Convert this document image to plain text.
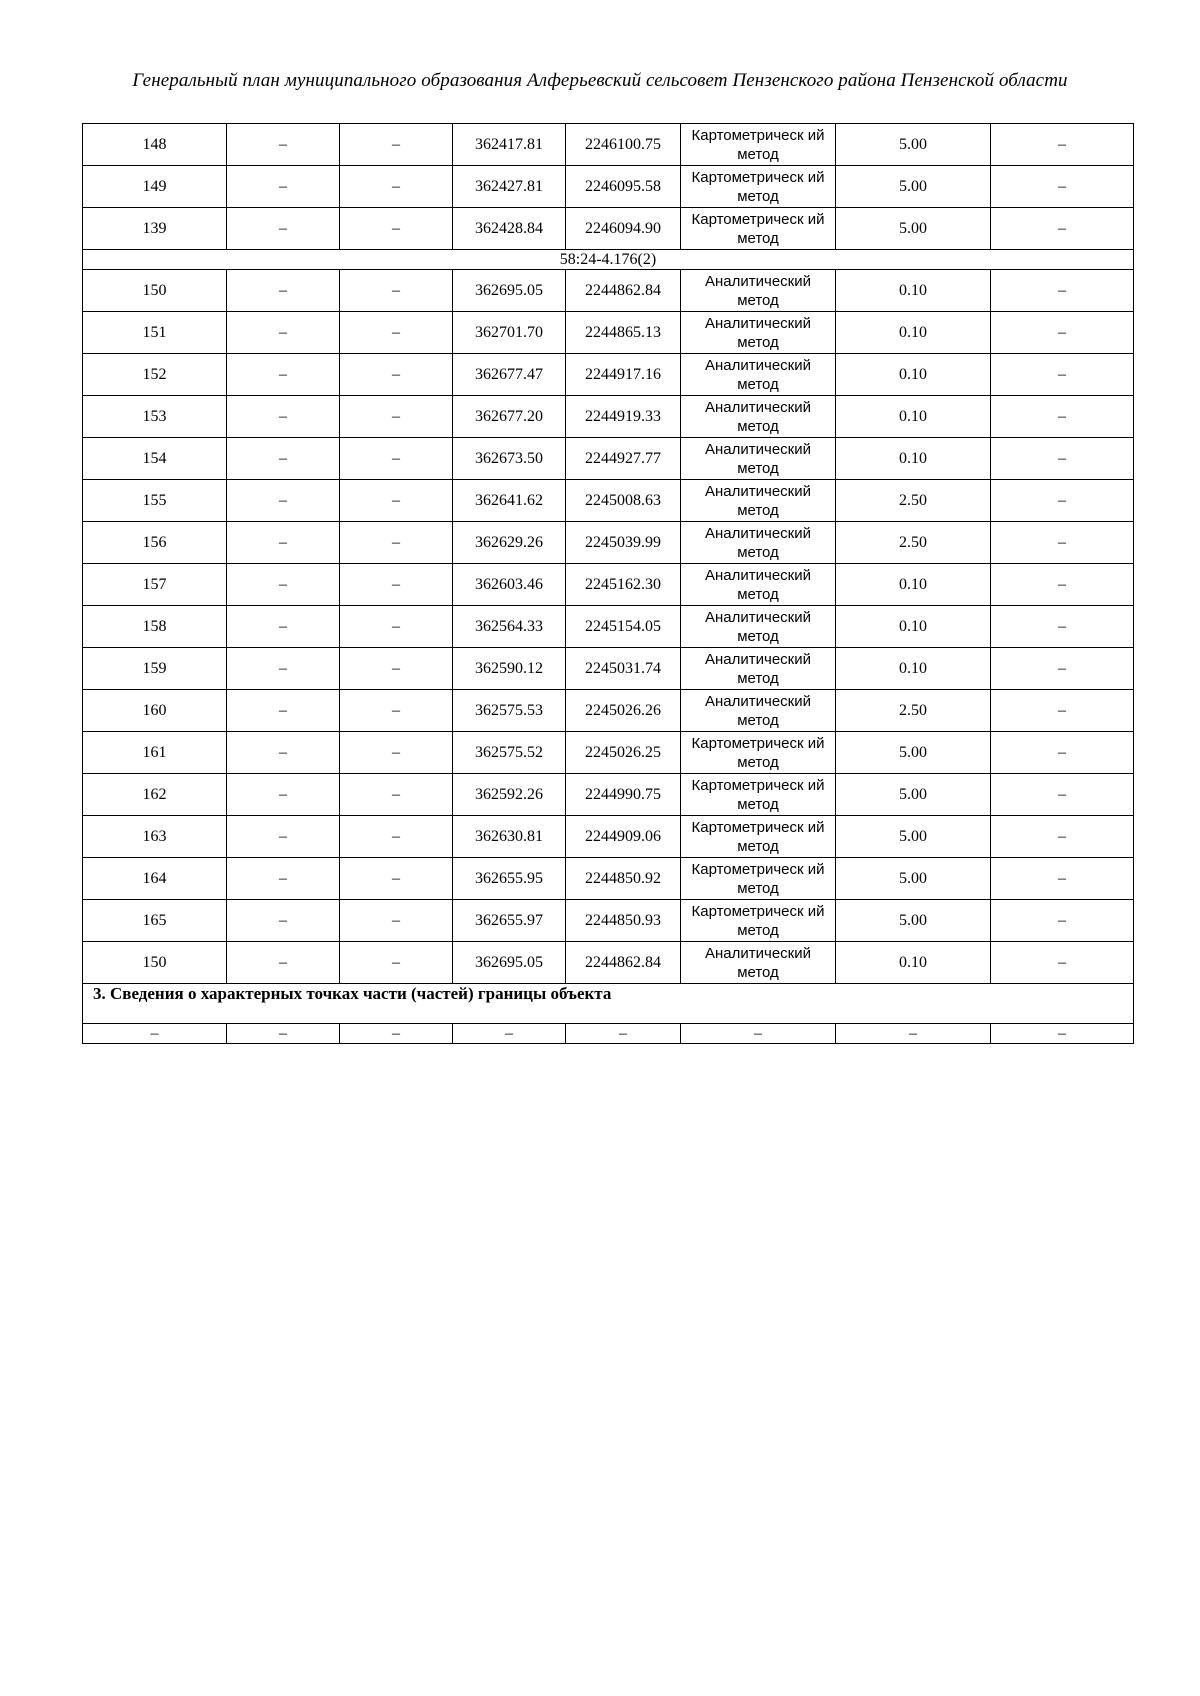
Генеральный план муниципального образования Алферьевский сельсовет Пензенского района Пензенской области
148	–	–	362417.81	2246100.75	Картометрическ ий метод	5.00	–
149	–	–	362427.81	2246095.58	Картометрическ ий метод	5.00	–
139	–	–	362428.84	2246094.90	Картометрическ ий метод	5.00	–
58:24-4.176(2)							
150	–	–	362695.05	2244862.84	Аналитический метод	0.10	–
151	–	–	362701.70	2244865.13	Аналитический метод	0.10	–
152	–	–	362677.47	2244917.16	Аналитический метод	0.10	–
153	–	–	362677.20	2244919.33	Аналитический метод	0.10	–
154	–	–	362673.50	2244927.77	Аналитический метод	0.10	–
155	–	–	362641.62	2245008.63	Аналитический метод	2.50	–
156	–	–	362629.26	2245039.99	Аналитический метод	2.50	–
157	–	–	362603.46	2245162.30	Аналитический метод	0.10	–
158	–	–	362564.33	2245154.05	Аналитический метод	0.10	–
159	–	–	362590.12	2245031.74	Аналитический метод	0.10	–
160	–	–	362575.53	2245026.26	Аналитический метод	2.50	–
161	–	–	362575.52	2245026.25	Картометрическ ий метод	5.00	–
162	–	–	362592.26	2244990.75	Картометрическ ий метод	5.00	–
163	–	–	362630.81	2244909.06	Картометрическ ий метод	5.00	–
164	–	–	362655.95	2244850.92	Картометрическ ий метод	5.00	–
165	–	–	362655.97	2244850.93	Картометрическ ий метод	5.00	–
150	–	–	362695.05	2244862.84	Аналитический метод	0.10	–
3. Сведения о характерных точках части (частей) границы объекта							
–	–	–	–	–	–	–	–
